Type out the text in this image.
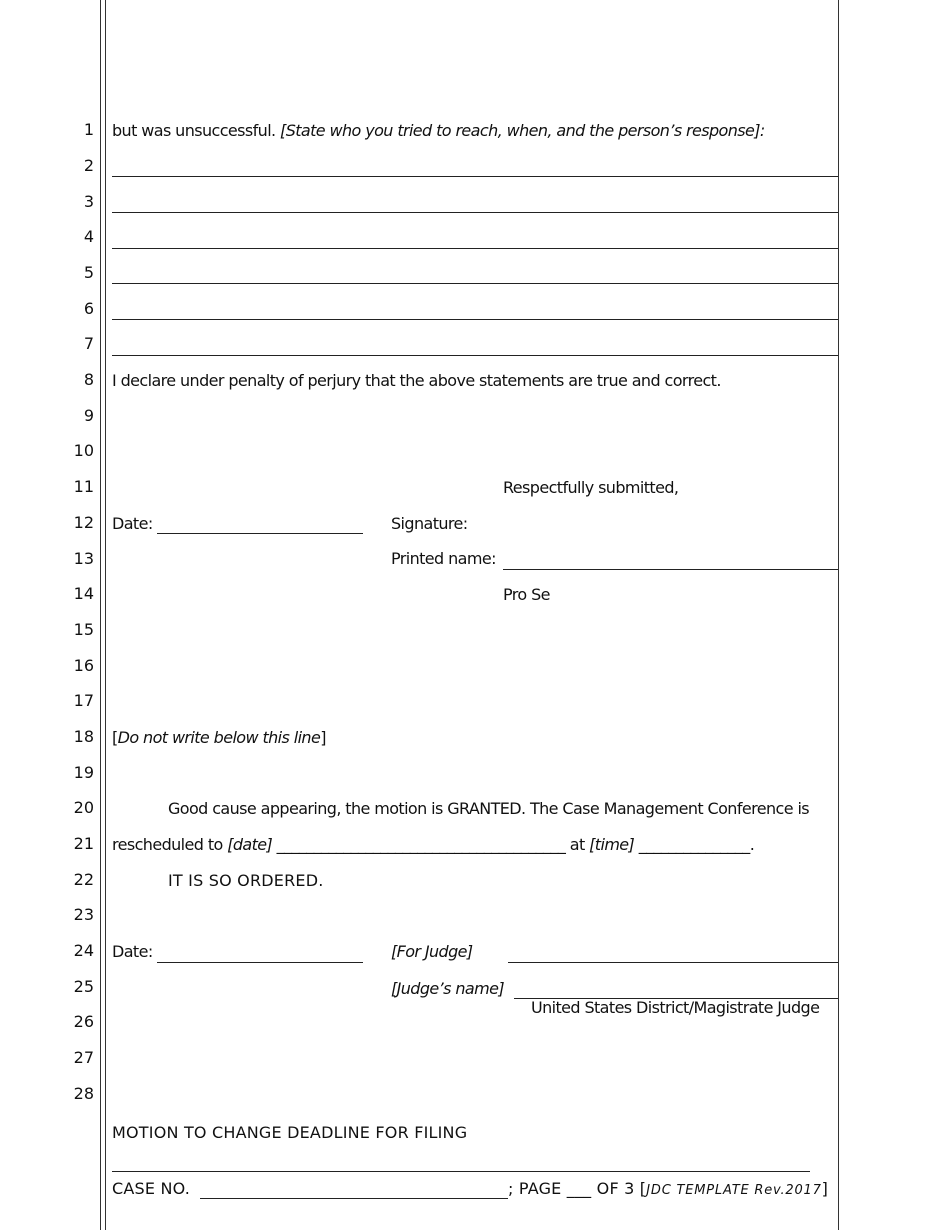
1
2
3
4
5
6
7
8
9
10
11
12
13
14
15
16
17
18
19
20
21
22
23
24
25
26
27
28
but was unsuccessful. [State who you tried to reach, when, and the person’s response]:
I declare under penalty of perjury that the above statements are true and correct.
Respectfully submitted,
Date:	Signature:
Printed name:
Pro Se
[Do not write below this line]
Good cause appearing, the motion is GRANTED. The Case Management Conference is
rescheduled to [date] _______________________________________ at [time] _______________.
IT IS SO ORDERED.
Date:	[For Judge]
[Judge’s name]
United States District/Magistrate Judge
MOTION TO CHANGE DEADLINE FOR FILING
CASE NO.	; PAGE ___ OF 3 [JDC TEMPLATE Rev.2017]
